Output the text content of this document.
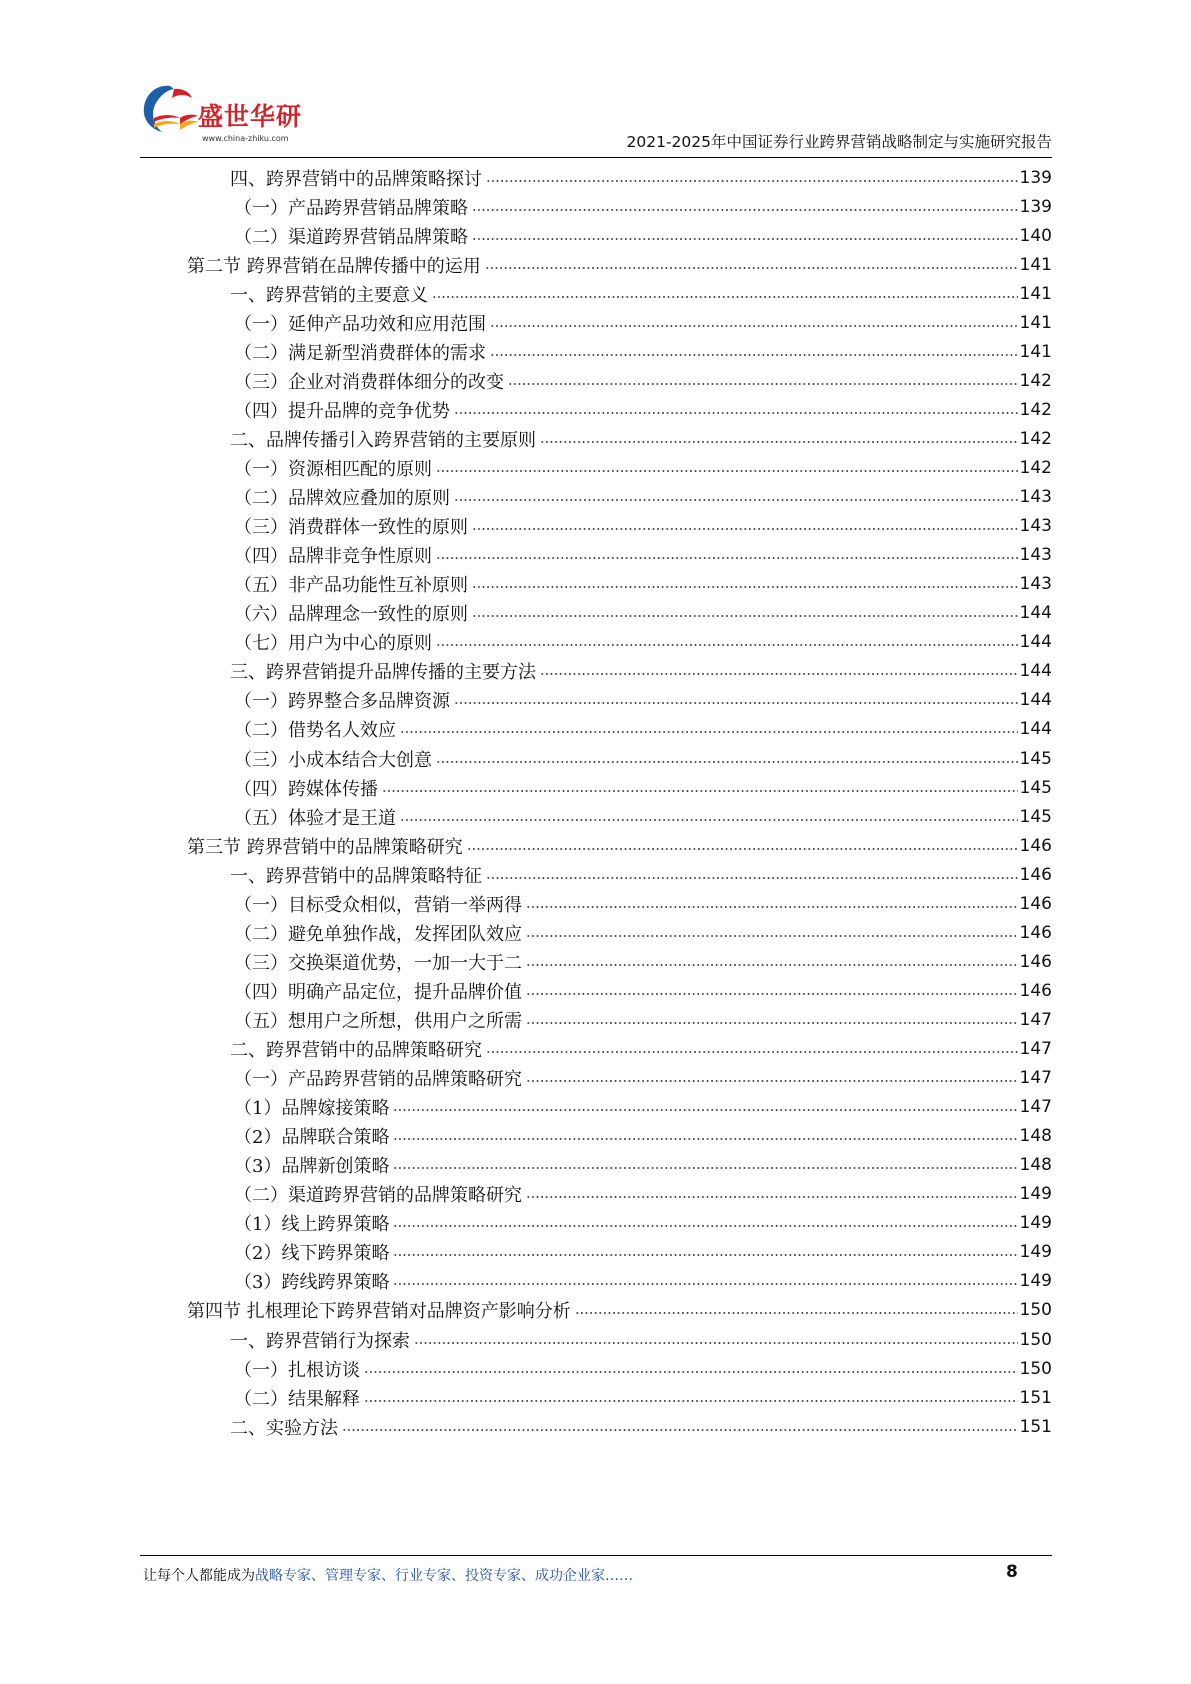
盛世华研
www.china-zhiku.com	2021-2025年中国证券行业跨界营销战略制定与实施研究报告
四、跨界营销中的品牌策略探讨	139
（一）产品跨界营销品牌策略	139
（二）渠道跨界营销品牌策略	140
第二节 跨界营销在品牌传播中的运用	141
一、跨界营销的主要意义	141
（一）延伸产品功效和应用范围	141
（二）满足新型消费群体的需求	141
（三）企业对消费群体细分的改变	142
（四）提升品牌的竞争优势	142
二、品牌传播引入跨界营销的主要原则	142
（一）资源相匹配的原则	142
（二）品牌效应叠加的原则	143
（三）消费群体一致性的原则	143
（四）品牌非竞争性原则	143
（五）非产品功能性互补原则	143
（六）品牌理念一致性的原则	144
（七）用户为中心的原则	144
三、跨界营销提升品牌传播的主要方法	144
（一）跨界整合多品牌资源	144
（二）借势名人效应	144
（三）小成本结合大创意	145
（四）跨媒体传播	145
（五）体验才是王道	145
第三节 跨界营销中的品牌策略研究	146
一、跨界营销中的品牌策略特征	146
（一）目标受众相似，营销一举两得	146
（二）避免单独作战，发挥团队效应	146
（三）交换渠道优势，一加一大于二	146
（四）明确产品定位，提升品牌价值	146
（五）想用户之所想，供用户之所需	147
二、跨界营销中的品牌策略研究	147
（一）产品跨界营销的品牌策略研究	147
（1）品牌嫁接策略	147
（2）品牌联合策略	148
（3）品牌新创策略	148
（二）渠道跨界营销的品牌策略研究	149
（1）线上跨界策略	149
（2）线下跨界策略	149
（3）跨线跨界策略	149
第四节 扎根理论下跨界营销对品牌资产影响分析	150
一、跨界营销行为探索	150
（一）扎根访谈	150
（二）结果解释	151
二、实验方法	151
让每个人都能成为战略专家、管理专家、行业专家、投资专家、成功企业家……	8
